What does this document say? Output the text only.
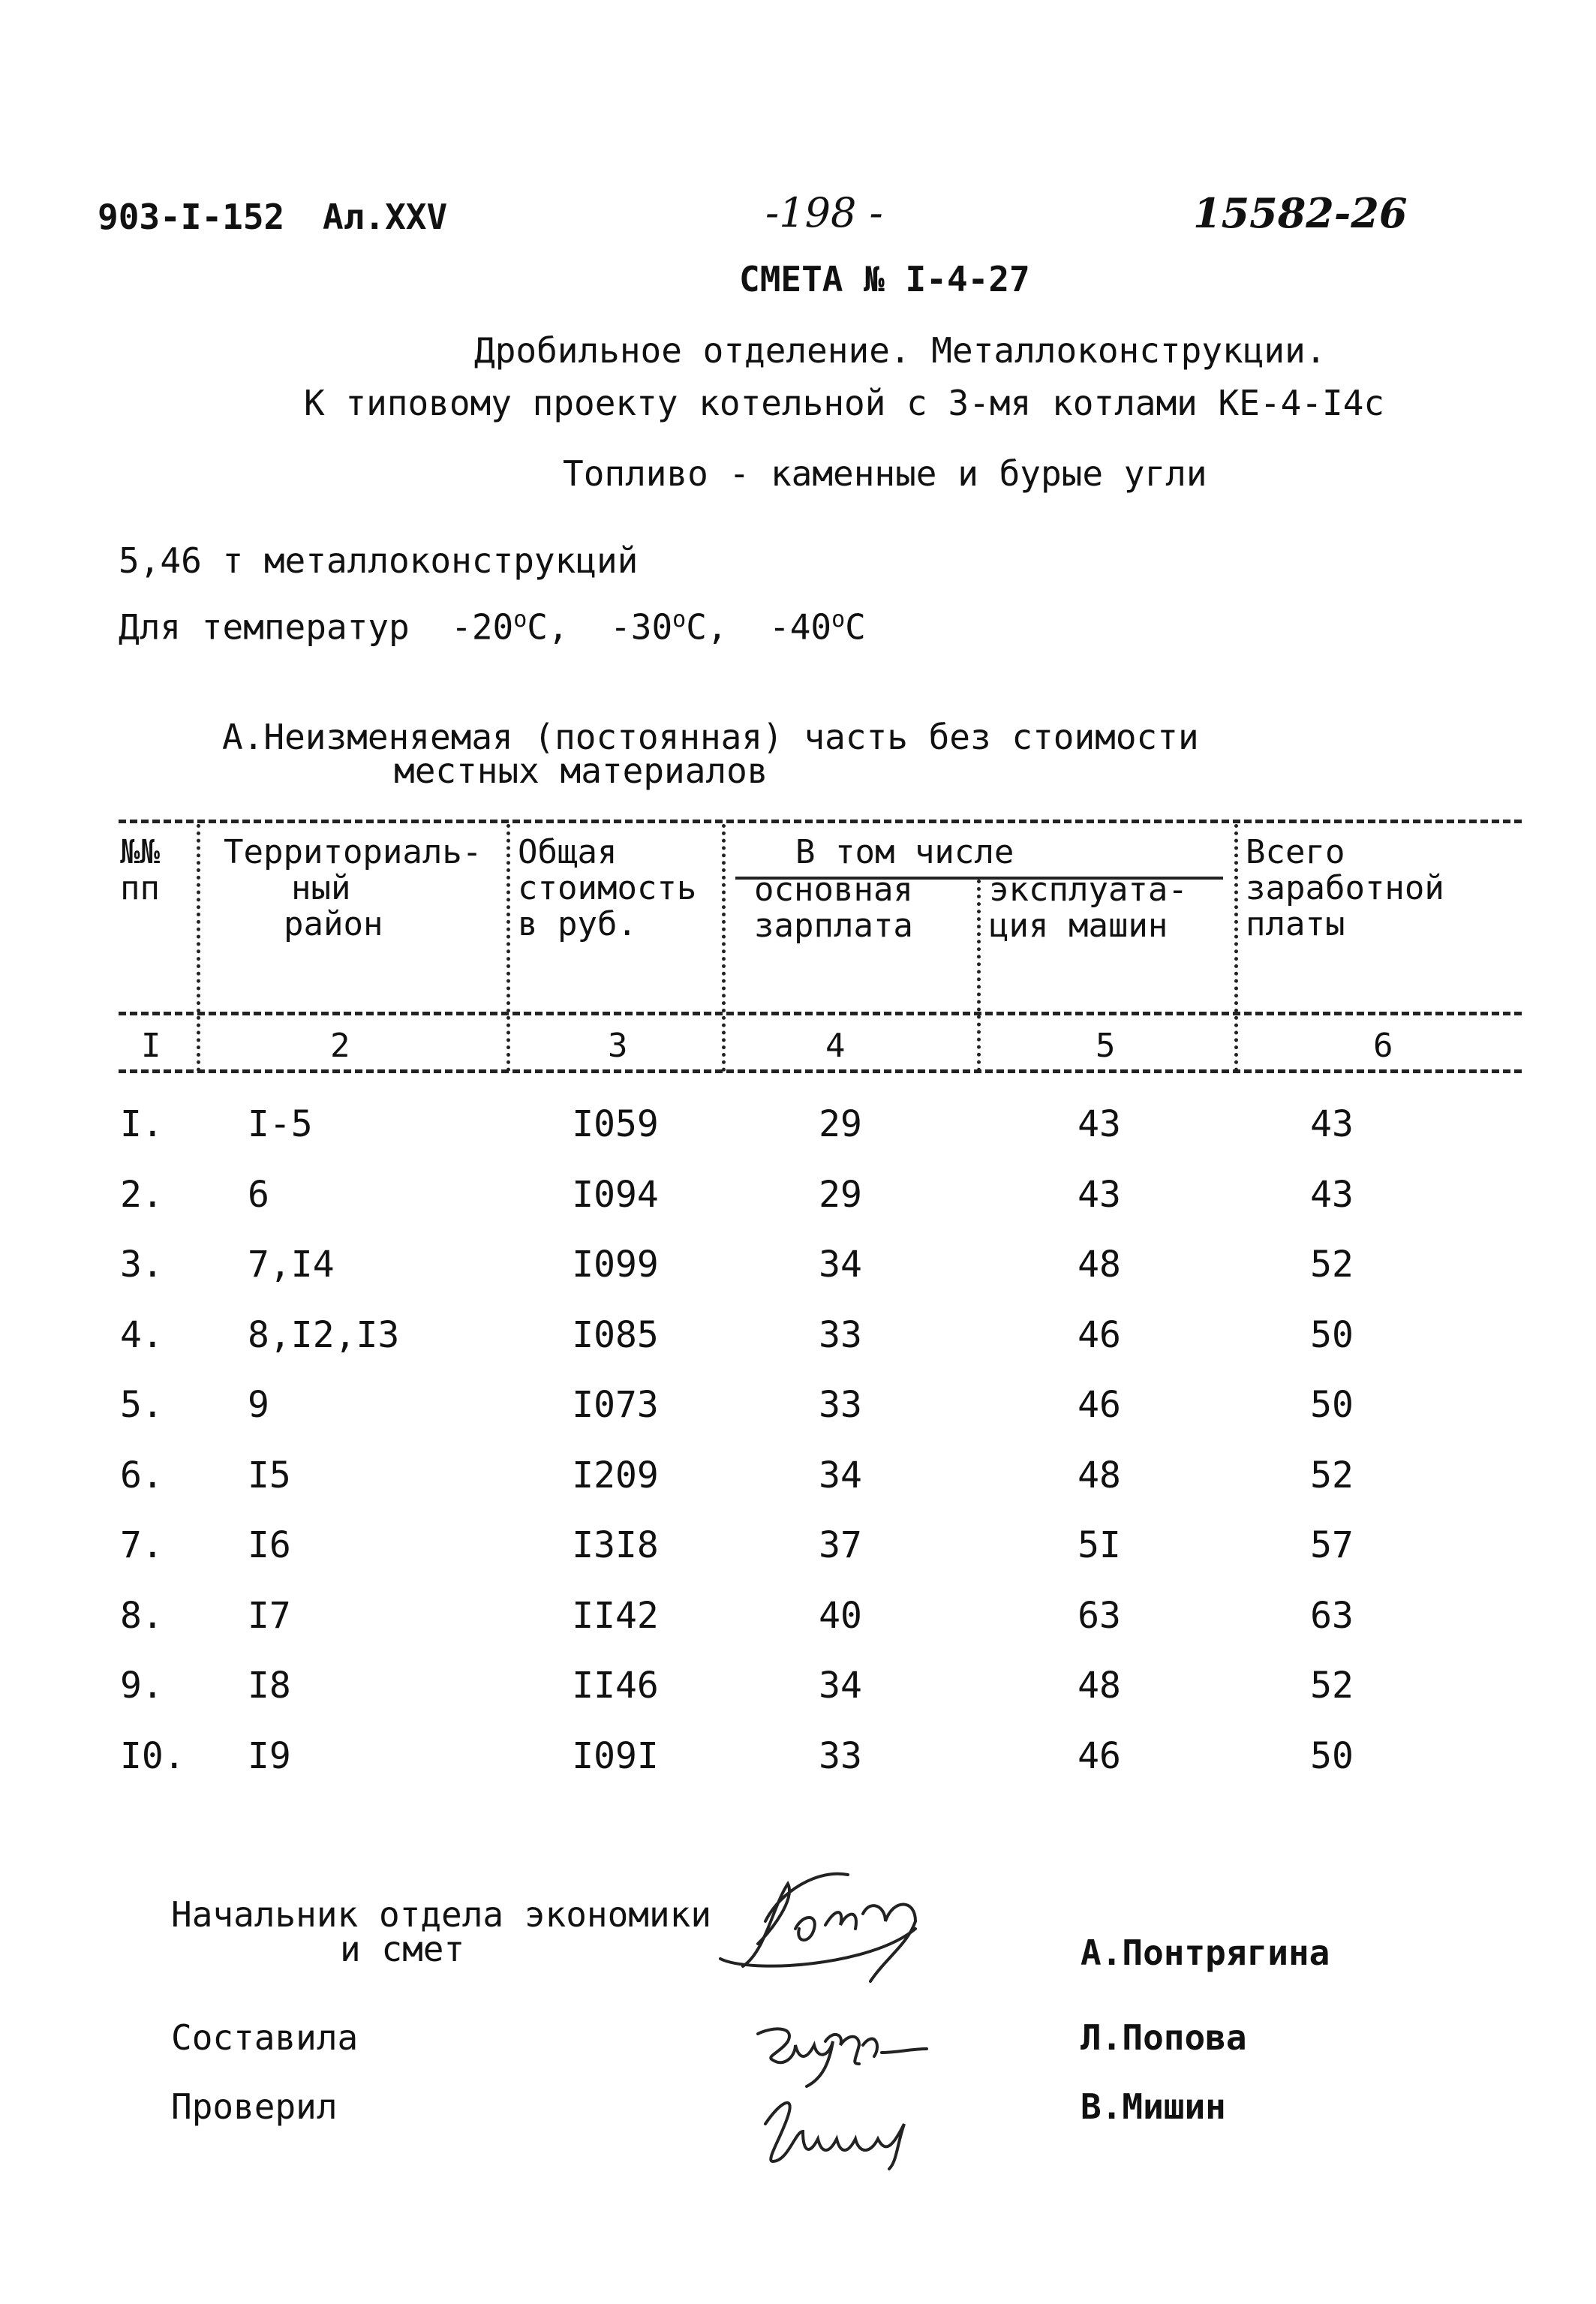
903-I-152 Ал.XXV	-198 -	15582-26
СМЕТА № I-4-27
Дробильное отделение. Металлоконструкции.
К типовому проекту котельной с 3-мя котлами КЕ-4-I4с
Топливо - каменные и бурые угли
5,46 т металлоконструкций
Для температур $-20^оС$, $-30^оС$, $-40^оС$
А.Неизменяемая (постоянная) часть без стоимости
местных материалов
№№
пп
Территориаль-
ный
район
Общая
стоимость
в руб.
В том числе
основная
зарплата
эксплуата-
ция машин
Всего
заработной
платы
I	2	3	4	5	6
I. I-5	I059	29	43	43
2. 6	I094	29	43	43
3. 7,I4	I099	34	48	52
4. 8,I2,I3	I085	33	46	50
5. 9	I073	33	46	50
6. I5	I209	34	48	52
7. I6	I3I8	37	5I	57
8. I7	II42	40	63	63
9. I8	II46	34	48	52
I0. I9	I09I	33	46	50
Начальник отдела экономики
и смет	А.Понтрягина
Составила	Л.Попова
Проверил	В.Мишин
